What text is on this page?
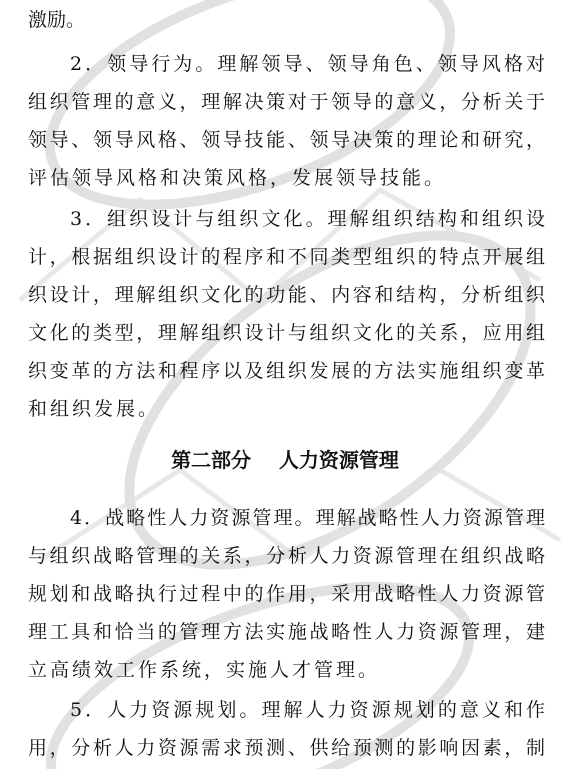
激励。
2．领导行为。理解领导、领导角色、领导风格对
组织管理的意义，理解决策对于领导的意义，分析关于
领导、领导风格、领导技能、领导决策的理论和研究，
评估领导风格和决策风格，发展领导技能。
3．组织设计与组织文化。理解组织结构和组织设
计，根据组织设计的程序和不同类型组织的特点开展组
织设计，理解组织文化的功能、内容和结构，分析组织
文化的类型，理解组织设计与组织文化的关系，应用组
织变革的方法和程序以及组织发展的方法实施组织变革
和组织发展。
第二部分    人力资源管理
4．战略性人力资源管理。理解战略性人力资源管理
与组织战略管理的关系，分析人力资源管理在组织战略
规划和战略执行过程中的作用，采用战略性人力资源管
理工具和恰当的管理方法实施战略性人力资源管理，建
立高绩效工作系统，实施人才管理。
5．人力资源规划。理解人力资源规划的意义和作
用，分析人力资源需求预测、供给预测的影响因素，制
